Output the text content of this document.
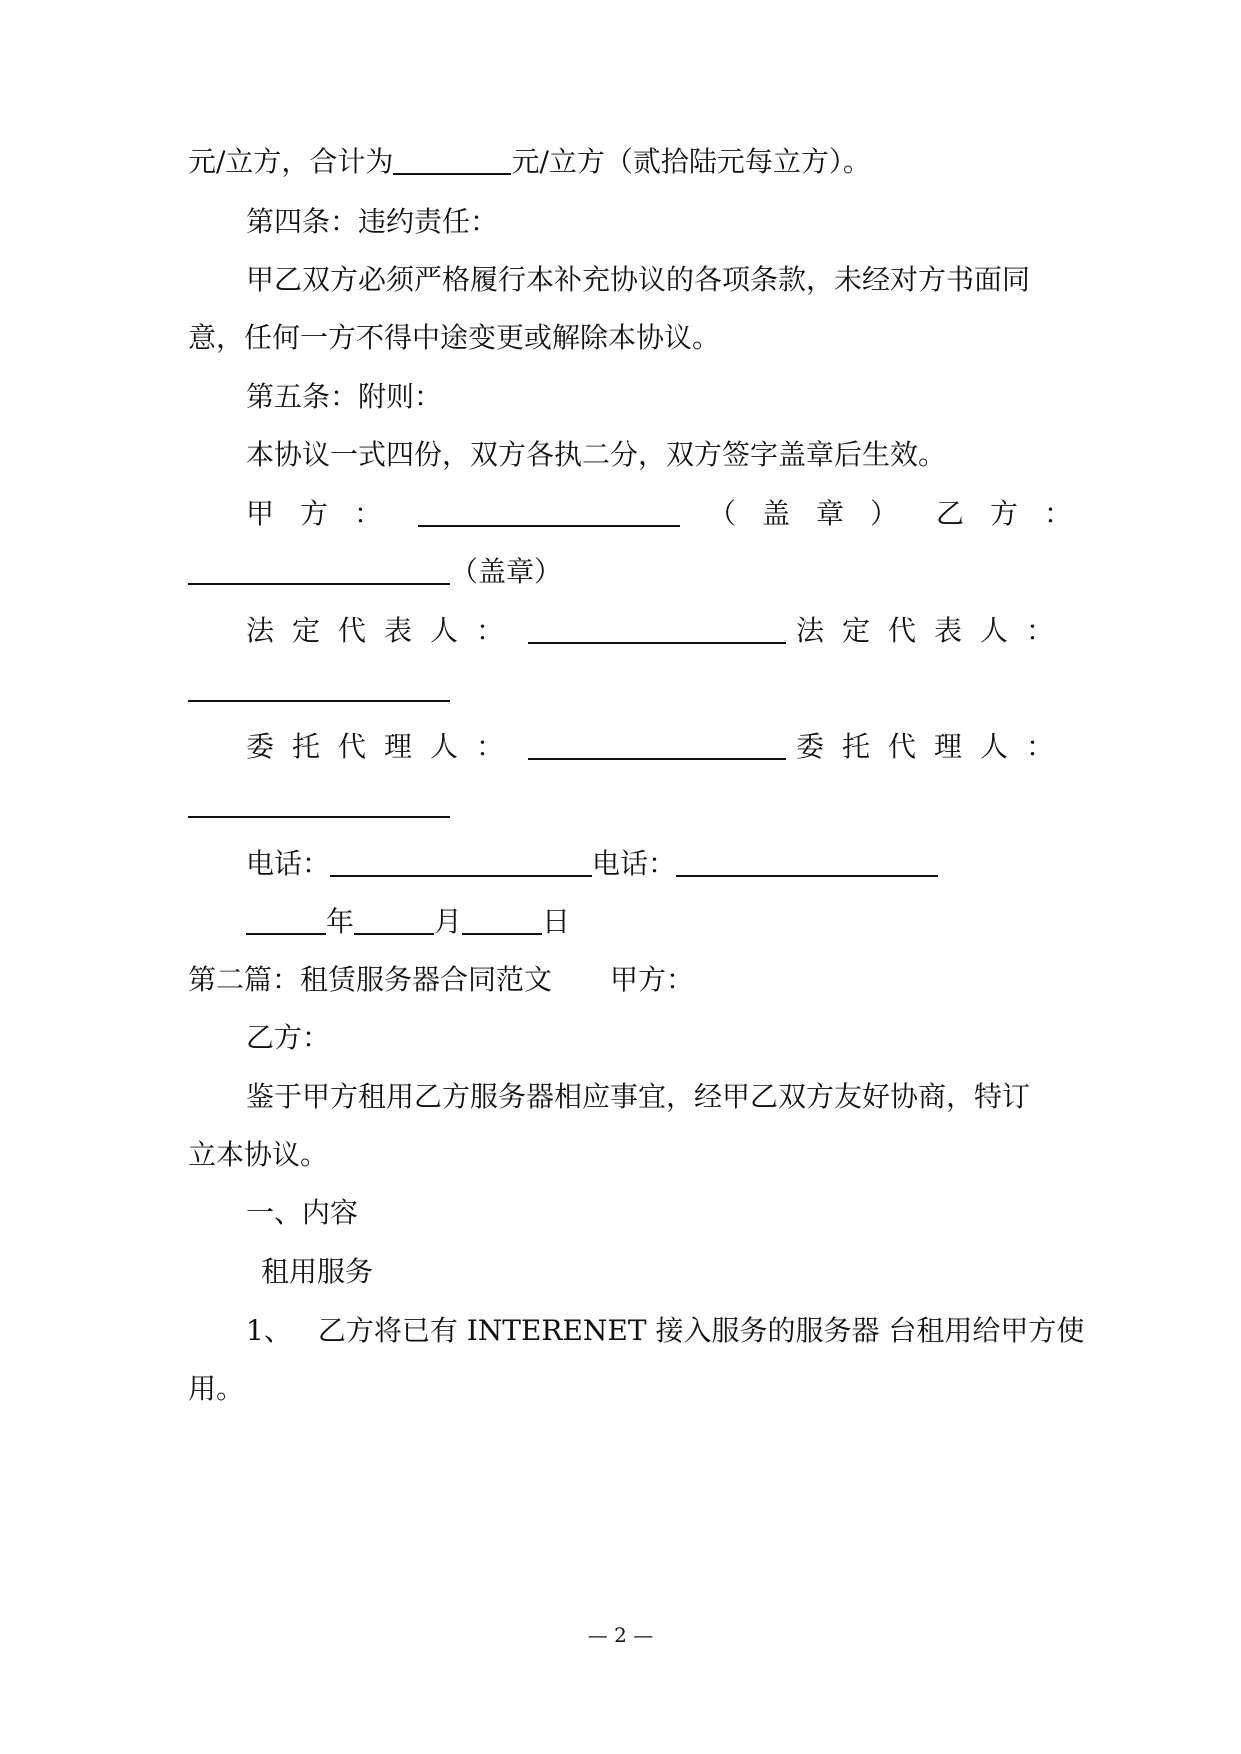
元/立方，合计为	元/立方（贰拾陆元每立方）。
第四条：违约责任：
甲乙双方必须严格履行本补充协议的各项条款，未经对方书面同
意，任何一方不得中途变更或解除本协议。
第五条：附则：
本协议一式四份，双方各执二分，双方签字盖章后生效。
甲方：	（盖章） 乙方：
（盖章）
法定代表人：	法定代表人：
委托代理人：	委托代理人：
电话：	电话：
年	月	日
第二篇：租赁服务器合同范文 甲方：
乙方：
鉴于甲方租用乙方服务器相应事宜，经甲乙双方友好协商，特订
立本协议。
一、内容
租用服务
1、 乙方将已有 INTERENET 接入服务的服务器 台租用给甲方使
用。
— 2 —
